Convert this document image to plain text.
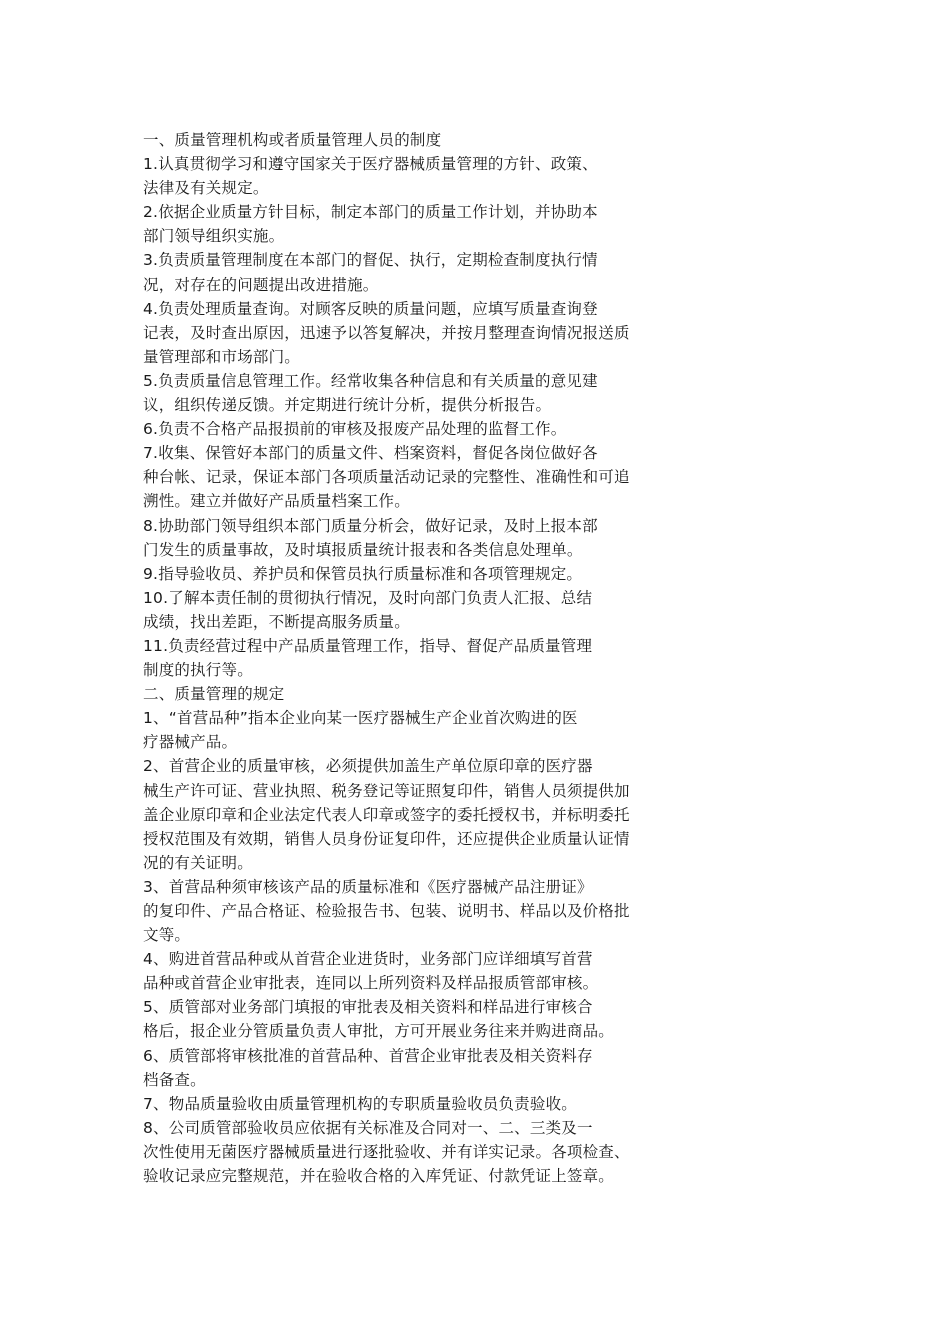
一、质量管理机构或者质量管理人员的制度
1.认真贯彻学习和遵守国家关于医疗器械质量管理的方针、政策、
法律及有关规定。
2.依据企业质量方针目标，制定本部门的质量工作计划，并协助本
部门领导组织实施。
3.负责质量管理制度在本部门的督促、执行，定期检查制度执行情
况，对存在的问题提出改进措施。
4.负责处理质量查询。对顾客反映的质量问题，应填写质量查询登
记表，及时查出原因，迅速予以答复解决，并按月整理查询情况报送质
量管理部和市场部门。
5.负责质量信息管理工作。经常收集各种信息和有关质量的意见建
议，组织传递反馈。并定期进行统计分析，提供分析报告。
6.负责不合格产品报损前的审核及报废产品处理的监督工作。
7.收集、保管好本部门的质量文件、档案资料，督促各岗位做好各
种台帐、记录，保证本部门各项质量活动记录的完整性、准确性和可追
溯性。建立并做好产品质量档案工作。
8.协助部门领导组织本部门质量分析会，做好记录，及时上报本部
门发生的质量事故，及时填报质量统计报表和各类信息处理单。
9.指导验收员、养护员和保管员执行质量标准和各项管理规定。
10.了解本责任制的贯彻执行情况，及时向部门负责人汇报、总结
成绩，找出差距，不断提高服务质量。
11.负责经营过程中产品质量管理工作，指导、督促产品质量管理
制度的执行等。
二、质量管理的规定
1、“首营品种”指本企业向某一医疗器械生产企业首次购进的医
疗器械产品。
2、首营企业的质量审核，必须提供加盖生产单位原印章的医疗器
械生产许可证、营业执照、税务登记等证照复印件，销售人员须提供加
盖企业原印章和企业法定代表人印章或签字的委托授权书，并标明委托
授权范围及有效期，销售人员身份证复印件，还应提供企业质量认证情
况的有关证明。
3、首营品种须审核该产品的质量标准和《医疗器械产品注册证》
的复印件、产品合格证、检验报告书、包装、说明书、样品以及价格批
文等。
4、购进首营品种或从首营企业进货时，业务部门应详细填写首营
品种或首营企业审批表，连同以上所列资料及样品报质管部审核。
5、质管部对业务部门填报的审批表及相关资料和样品进行审核合
格后，报企业分管质量负责人审批，方可开展业务往来并购进商品。
6、质管部将审核批准的首营品种、首营企业审批表及相关资料存
档备查。
7、物品质量验收由质量管理机构的专职质量验收员负责验收。
8、公司质管部验收员应依据有关标准及合同对一、二、三类及一
次性使用无菌医疗器械质量进行逐批验收、并有详实记录。各项检查、
验收记录应完整规范，并在验收合格的入库凭证、付款凭证上签章。
